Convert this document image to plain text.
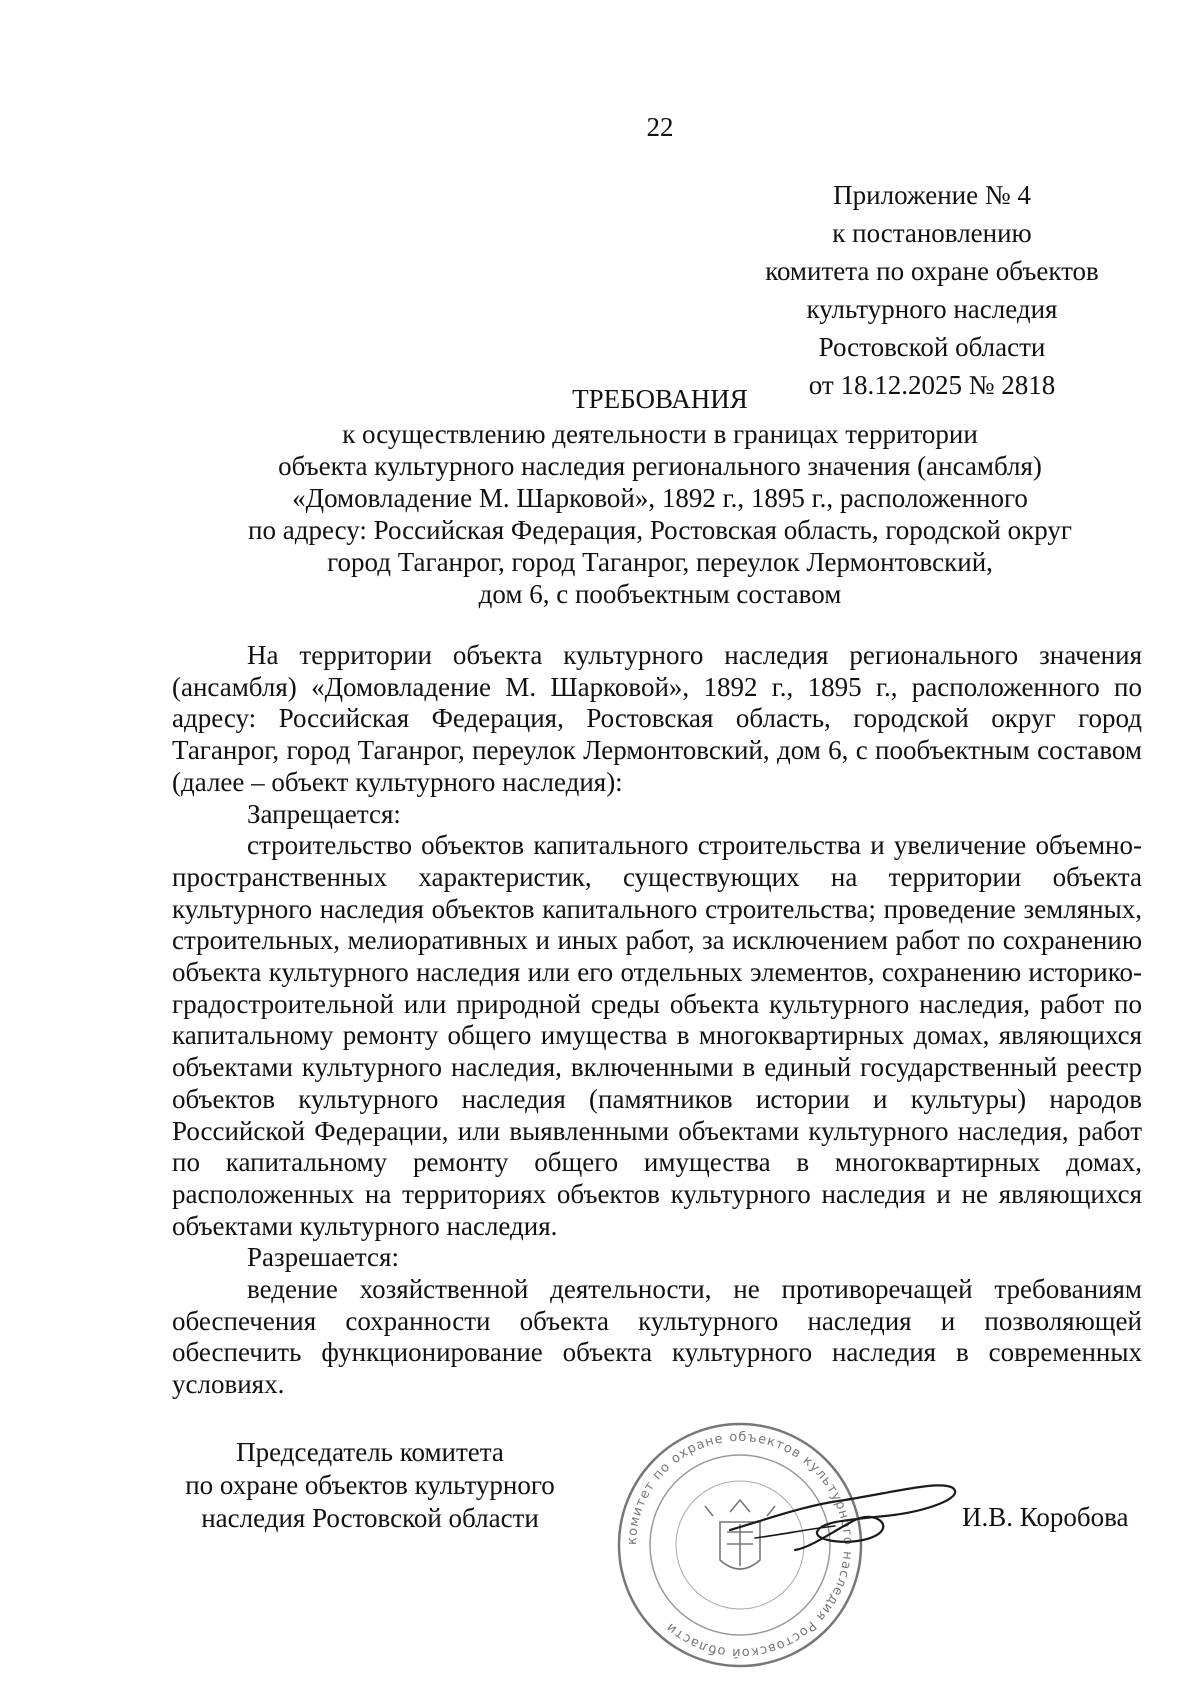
22
Приложение № 4
к постановлению
комитета по охране объектов
культурного наследия
Ростовской области
от 18.12.2025 № 2818
ТРЕБОВАНИЯ
к осуществлению деятельности в границах территории
объекта культурного наследия регионального значения (ансамбля)
«Домовладение М. Шарковой», 1892 г., 1895 г., расположенного
по адресу: Российская Федерация, Ростовская область, городской округ
город Таганрог, город Таганрог, переулок Лермонтовский,
дом 6, с пообъектным составом

На территории объекта культурного наследия регионального значения (ансамбля) «Домовладение М. Шарковой», 1892 г., 1895 г., расположенного по адресу: Российская Федерация, Ростовская область, городской округ город Таганрог, город Таганрог, переулок Лермонтовский, дом 6, с пообъектным составом (далее – объект культурного наследия):

Запрещается:

строительство объектов капитального строительства и увеличение объемно-пространственных характеристик, существующих на территории объекта культурного наследия объектов капитального строительства; проведение земляных, строительных, мелиоративных и иных работ, за исключением работ по сохранению объекта культурного наследия или его отдельных элементов, сохранению историко-градостроительной или природной среды объекта культурного наследия, работ по капитальному ремонту общего имущества в многоквартирных домах, являющихся объектами культурного наследия, включенными в единый государственный реестр объектов культурного наследия (памятников истории и культуры) народов Российской Федерации, или выявленными объектами культурного наследия, работ по капитальному ремонту общего имущества в многоквартирных домах, расположенных на территориях объектов культурного наследия и не являющихся объектами культурного наследия.

Разрешается:

ведение хозяйственной деятельности, не противоречащей требованиям обеспечения сохранности объекта культурного наследия и позволяющей обеспечить функционирование объекта культурного наследия в современных условиях.

Председатель комитета
по охране объектов культурного
наследия Ростовской области
комитет по охране объектов культурного наследия Ростовской области
И.В. Коробова
